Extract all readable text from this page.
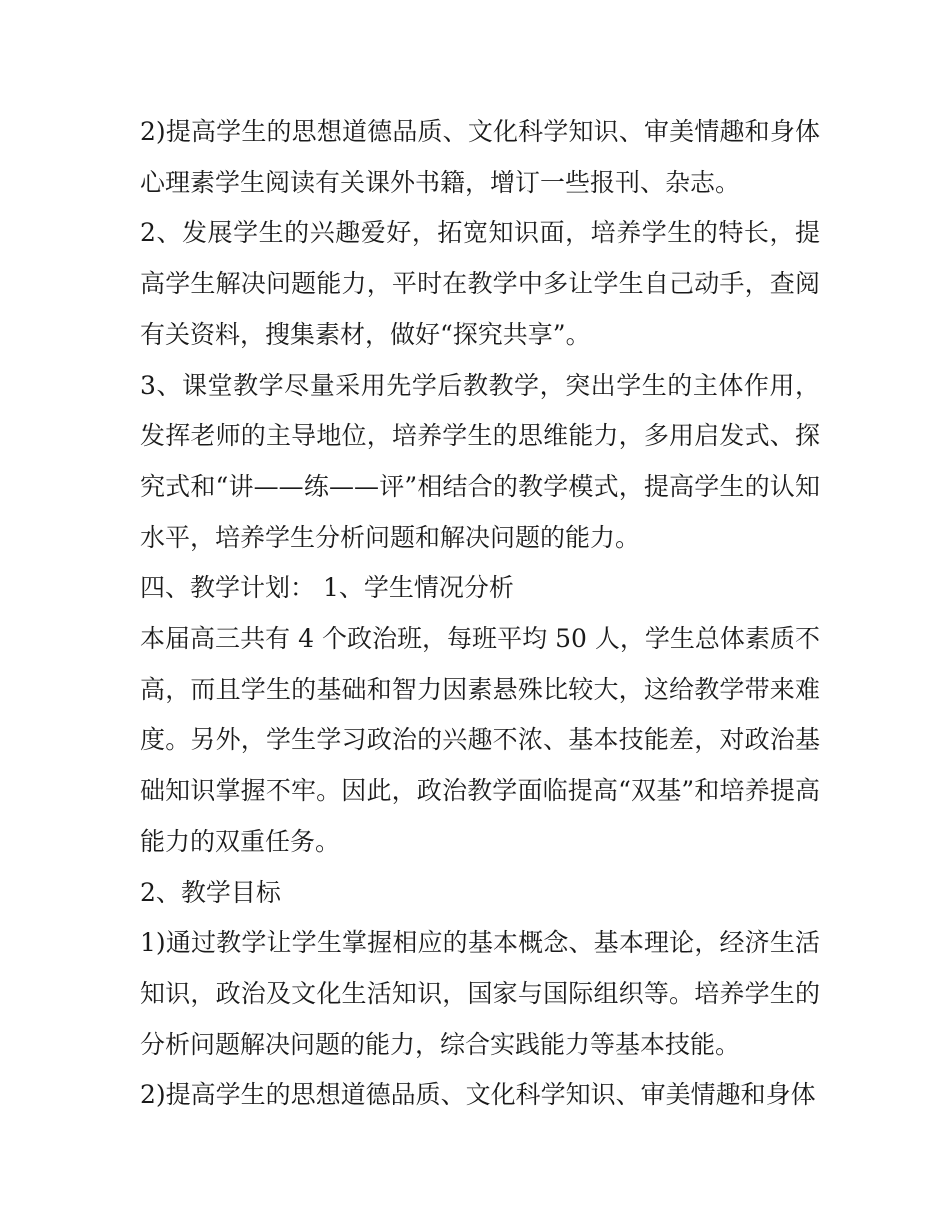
2)提高学生的思想道德品质、文化科学知识、审美情趣和身体心理素学生阅读有关课外书籍，增订一些报刊、杂志。

2、发展学生的兴趣爱好，拓宽知识面，培养学生的特长，提高学生解决问题能力，平时在教学中多让学生自己动手，查阅有关资料，搜集素材，做好“探究共享”。

3、课堂教学尽量采用先学后教教学，突出学生的主体作用，发挥老师的主导地位，培养学生的思维能力，多用启发式、探究式和“讲——练——评”相结合的教学模式，提高学生的认知水平，培养学生分析问题和解决问题的能力。

四、教学计划： 1、学生情况分析

本届高三共有 4 个政治班，每班平均 50 人，学生总体素质不高，而且学生的基础和智力因素悬殊比较大，这给教学带来难度。另外，学生学习政治的兴趣不浓、基本技能差，对政治基础知识掌握不牢。因此，政治教学面临提高“双基”和培养提高能力的双重任务。

2、教学目标

1)通过教学让学生掌握相应的基本概念、基本理论，经济生活知识，政治及文化生活知识，国家与国际组织等。培养学生的分析问题解决问题的能力，综合实践能力等基本技能。

2)提高学生的思想道德品质、文化科学知识、审美情趣和身体
